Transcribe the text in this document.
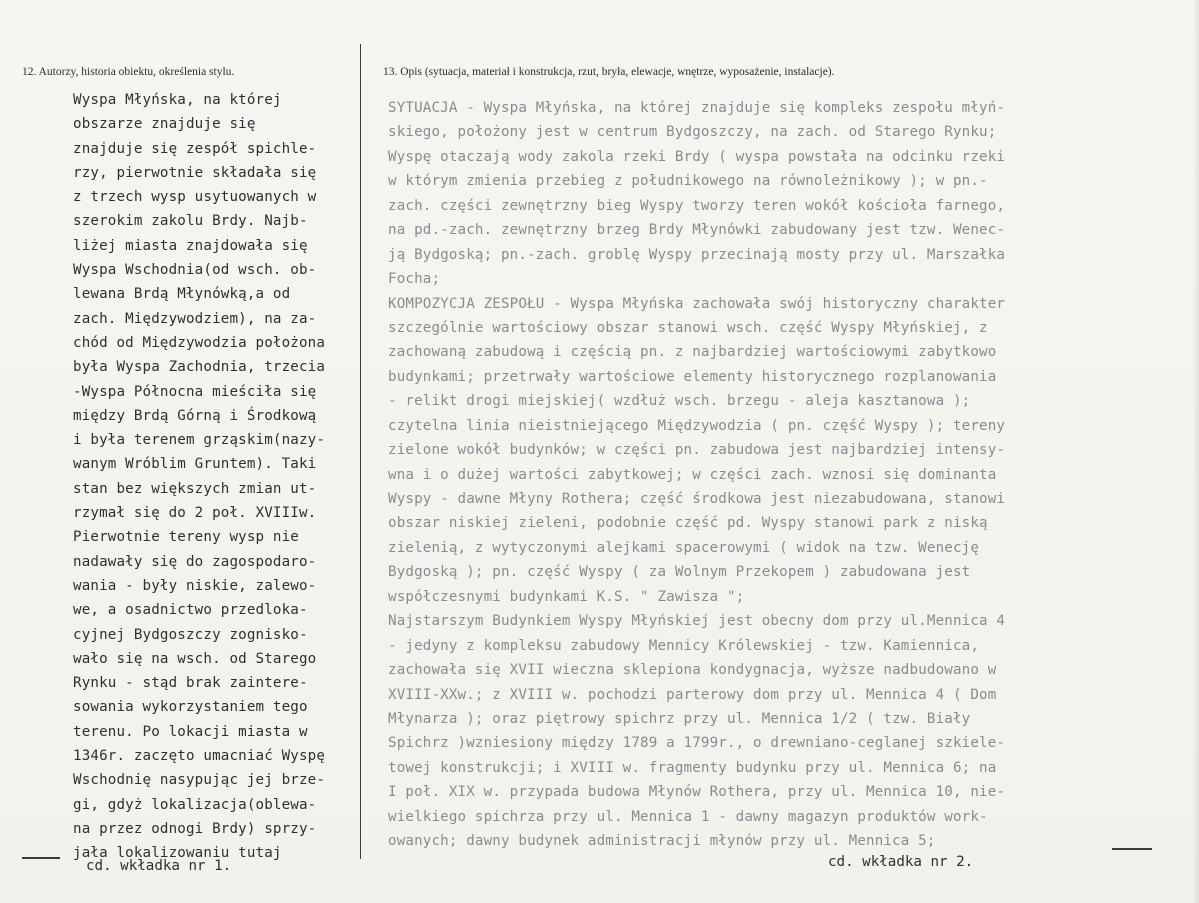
12. Autorzy, historia obiektu, określenia stylu.	13. Opis (sytuacja, materiał i konstrukcja, rzut, bryła, elewacje, wnętrze, wyposażenie, instalacje).
Wyspa Młyńska, na której
obszarze znajduje się
znajduje się zespół spichle-
rzy, pierwotnie składała się
z trzech wysp usytuowanych w
szerokim zakolu Brdy. Najb-
liżej miasta znajdowała się
Wyspa Wschodnia(od wsch. ob-
lewana Brdą Młynówką,a od
zach. Międzywodziem), na za-
chód od Międzywodzia położona
była Wyspa Zachodnia, trzecia
-Wyspa Północna mieściła się
między Brdą Górną i Środkową
i była terenem grząskim(nazy-
wanym Wróblim Gruntem). Taki
stan bez większych zmian ut-
rzymał się do 2 poł. XVIIIw.
Pierwotnie tereny wysp nie
nadawały się do zagospodaro-
wania - były niskie, zalewo-
we, a osadnictwo przedloka-
cyjnej Bydgoszczy zognisko-
wało się na wsch. od Starego
Rynku - stąd brak zaintere-
sowania wykorzystaniem tego
terenu. Po lokacji miasta w
1346r. zaczęto umacniać Wyspę
Wschodnię nasypując jej brze-
gi, gdyż lokalizacja(oblewa-
na przez odnogi Brdy) sprzy-
jała lokalizowaniu tutaj
cd. wkładka nr 1.
SYTUACJA - Wyspa Młyńska, na której znajduje się kompleks zespołu młyń-
skiego, położony jest w centrum Bydgoszczy, na zach. od Starego Rynku;
Wyspę otaczają wody zakola rzeki Brdy ( wyspa powstała na odcinku rzeki
w którym zmienia przebieg z południkowego na równoleżnikowy ); w pn.-
zach. części zewnętrzny bieg Wyspy tworzy teren wokół kościoła farnego,
na pd.-zach. zewnętrzny brzeg Brdy Młynówki zabudowany jest tzw. Wenec-
ją Bydgoską; pn.-zach. groblę Wyspy przecinają mosty przy ul. Marszałka
Focha;
KOMPOZYCJA ZESPOŁU - Wyspa Młyńska zachowała swój historyczny charakter
szczególnie wartościowy obszar stanowi wsch. część Wyspy Młyńskiej, z
zachowaną zabudową i częścią pn. z najbardziej wartościowymi zabytkowo
budynkami; przetrwały wartościowe elementy historycznego rozplanowania
- relikt drogi miejskiej( wzdłuż wsch. brzegu - aleja kasztanowa );
czytelna linia nieistniejącego Międzywodzia ( pn. część Wyspy ); tereny
zielone wokół budynków; w części pn. zabudowa jest najbardziej intensy-
wna i o dużej wartości zabytkowej; w części zach. wznosi się dominanta
Wyspy - dawne Młyny Rothera; część środkowa jest niezabudowana, stanowi
obszar niskiej zieleni, podobnie część pd. Wyspy stanowi park z niską
zielenią, z wytyczonymi alejkami spacerowymi ( widok na tzw. Wenecję
Bydgoską ); pn. część Wyspy ( za Wolnym Przekopem ) zabudowana jest
współczesnymi budynkami K.S. " Zawisza ";
Najstarszym Budynkiem Wyspy Młyńskiej jest obecny dom przy ul.Mennica 4
- jedyny z kompleksu zabudowy Mennicy Królewskiej - tzw. Kamiennica,
zachowała się XVII wieczna sklepiona kondygnacja, wyższe nadbudowano w
XVIII-XXw.; z XVIII w. pochodzi parterowy dom przy ul. Mennica 4 ( Dom
Młynarza ); oraz piętrowy spichrz przy ul. Mennica 1/2 ( tzw. Biały
Spichrz )wzniesiony między 1789 a 1799r., o drewniano-ceglanej szkiele-
towej konstrukcji; i XVIII w. fragmenty budynku przy ul. Mennica 6; na
I poł. XIX w. przypada budowa Młynów Rothera, przy ul. Mennica 10, nie-
wielkiego spichrza przy ul. Mennica 1 - dawny magazyn produktów work-
owanych; dawny budynek administracji młynów przy ul. Mennica 5;
cd. wkładka nr 2.
